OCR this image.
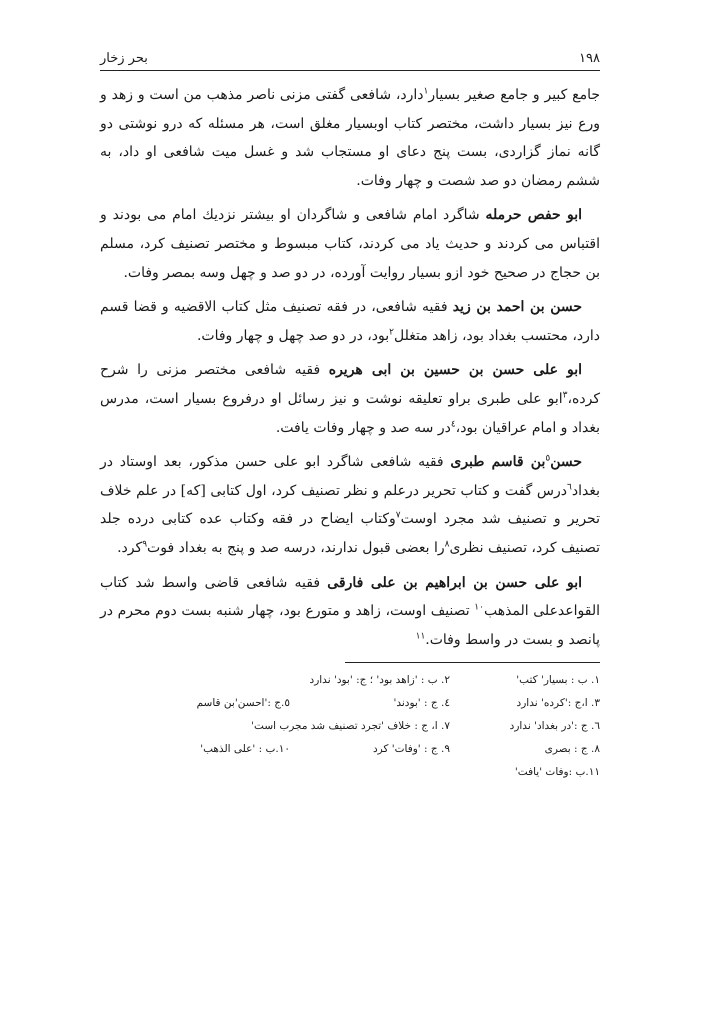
١٩٨
بحر زخار

جامع کبیر و جامع صغیر بسیار$^١$دارد، شافعی گفتی مزنی ناصر مذهب من است و زهد و ورع نیز بسیار داشت، مختصر کتاب اوبسیار مغلق است، هر مسئله که درو نوشتی دو گانه نماز گزاردی، بست پنج دعای او مستجاب شد و غسل میت شافعی او داد، به ششم رمضان دو صد شصت و چهار وفات.

ابو حفص حرمله شاگرد امام شافعی و شاگردان او بیشتر نزدیك امام می بودند و اقتباس می کردند و حدیث یاد می کردند، کتاب مبسوط و مختصر تصنیف کرد، مسلم بن حجاج در صحیح خود ازو بسیار روایت آورده، در دو صد و چهل وسه بمصر وفات.

حسن بن احمد بن زید فقیه شافعی، در فقه تصنیف مثل کتاب الاقضیه و قضا قسم دارد، محتسب بغداد بود، زاهد متغلل$^٢$بود، در دو صد چهل و چهار وفات.

ابو علی حسن بن حسین بن ابی هریره فقیه شافعی مختصر مزنی را شرح کرده،$^٣$ابو علی طبری براو تعلیقه نوشت و نیز رسائل او درفروع بسیار است، مدرس بغداد و امام عراقیان بود،$^٤$در سه صد و چهار وفات یافت.

حسن$^٥$بن قاسم طبری فقیه شافعی شاگرد ابو علی حسن مذکور، بعد اوستاد در بغداد$^٦$درس گفت و کتاب تحریر درعلم و نظر تصنیف کرد، اول کتابی [که] در علم خلاف تحریر و تصنیف شد مجرد اوست$^٧$وکتاب ایضاح در فقه وکتاب عده کتابی درده جلد تصنیف کرد، تصنیف نظری$^٨$را بعضی قبول ندارند، درسه صد و پنج به بغداد فوت$^٩$کرد.

ابو علی حسن بن ابراهیم بن علی فارقی فقیه شافعی قاضی واسط شد کتاب القواعدعلی المذهب$^{١٠}$ تصنیف اوست، زاهد و متورع بود، چهار شنبه بست دوم محرم در پانصد و بست در واسط وفات.$^{١١}$

١. ب : بسیار' کتب'
٢. ب : 'زاهد بود' ؛ ج: 'بود' ندارد
٣. ا،ج :'کرده' ندارد
٤. ج : 'بودند'
٥.ج :'احسن'بن قاسم
٦. ج :'در بغداد' ندارد
٧. ا، ج : خلاف 'تجرد تصنیف شد مجرب است'
٨. ج : بصری
٩. ج : 'وفات' کرد
١٠.ب : 'علی الذهب'
١١.ب :وفات 'یافت'
